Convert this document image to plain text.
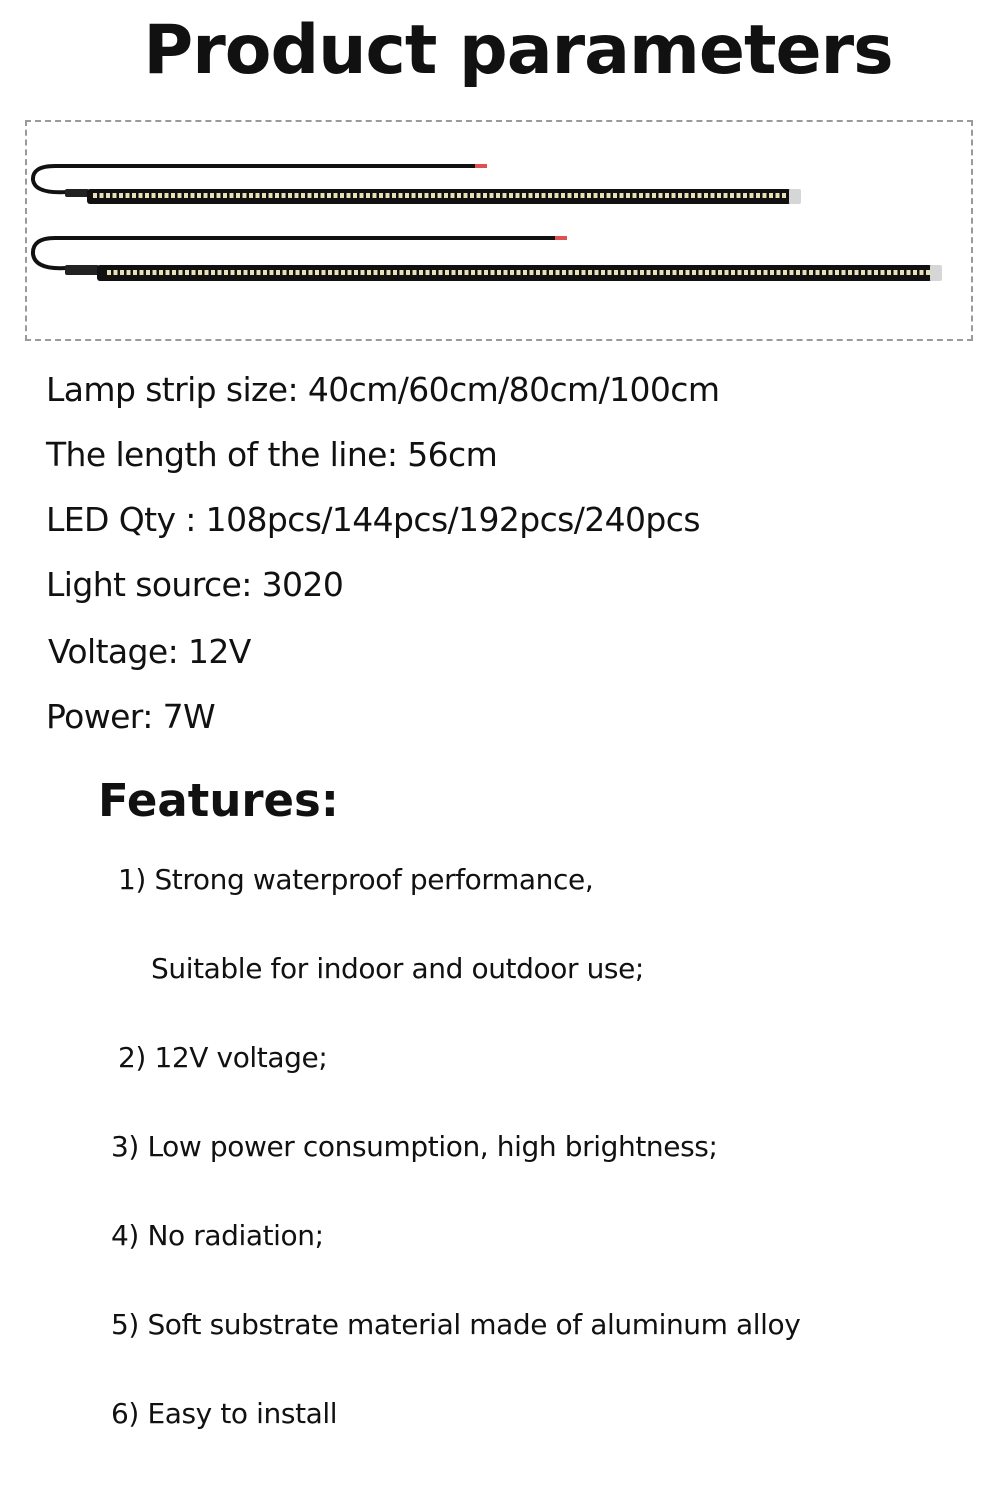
Product parameters
Lamp strip size: 40cm/60cm/80cm/100cm
The length of the line: 56cm
LED Qty : 108pcs/144pcs/192pcs/240pcs
Light source: 3020
Voltage: 12V
Power: 7W
Features:
1) Strong waterproof performance,
Suitable for indoor and outdoor use;
2) 12V voltage;
3) Low power consumption, high brightness;
4) No radiation;
5) Soft substrate material made of aluminum alloy
6) Easy to install
